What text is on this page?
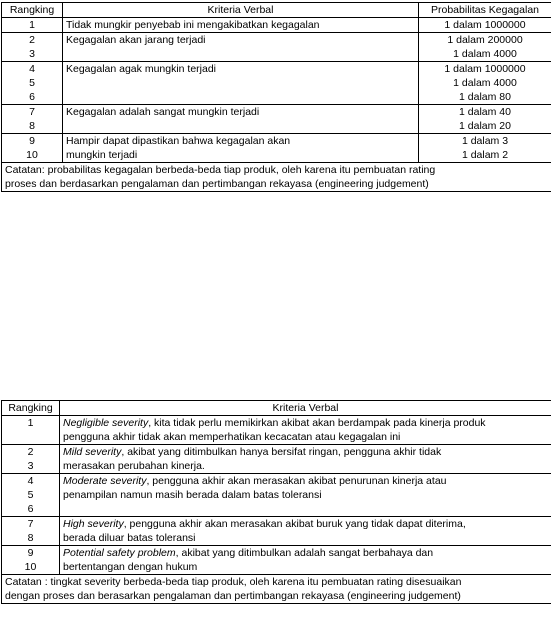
Rangking	Kriteria Verbal	Probabilitas Kegagalan
1	Tidak mungkir penyebab ini mengakibatkan kegagalan	1 dalam 1000000
2	Kegagalan akan jarang terjadi	1 dalam 200000
3		1 dalam 4000
4	Kegagalan agak mungkin terjadi	1 dalam 1000000
5		1 dalam 4000
6		1 dalam 80
7	Kegagalan adalah sangat mungkin terjadi	1 dalam 40
8		1 dalam 20
9	Hampir dapat dipastikan bahwa kegagalan akan	1 dalam 3
10	mungkin terjadi	1 dalam 2
Catatan: probabilitas kegagalan berbeda-beda tiap produk, oleh karena itu pembuatan rating		
proses dan berdasarkan pengalaman dan pertimbangan rekayasa (engineering judgement)		
Rangking	Kriteria Verbal
1	Negligible severity, kita tidak perlu memikirkan akibat akan berdampak pada kinerja produk
	pengguna akhir tidak akan memperhatikan kecacatan atau kegagalan ini
2	Mild severity, akibat yang ditimbulkan hanya bersifat ringan, pengguna akhir tidak
3	merasakan perubahan kinerja.
4	Moderate severity, pengguna akhir akan merasakan akibat penurunan kinerja atau
5	penampilan namun masih berada dalam batas toleransi
6	
7	High severity, pengguna akhir akan merasakan akibat buruk yang tidak dapat diterima,
8	berada diluar batas toleransi
9	Potential safety problem, akibat yang ditimbulkan adalah sangat berbahaya dan
10	bertentangan dengan hukum
Catatan : tingkat severity berbeda-beda tiap produk, oleh karena itu pembuatan rating disesuaikan	
dengan proses dan berasarkan pengalaman dan pertimbangan rekayasa (engineering judgement)	
